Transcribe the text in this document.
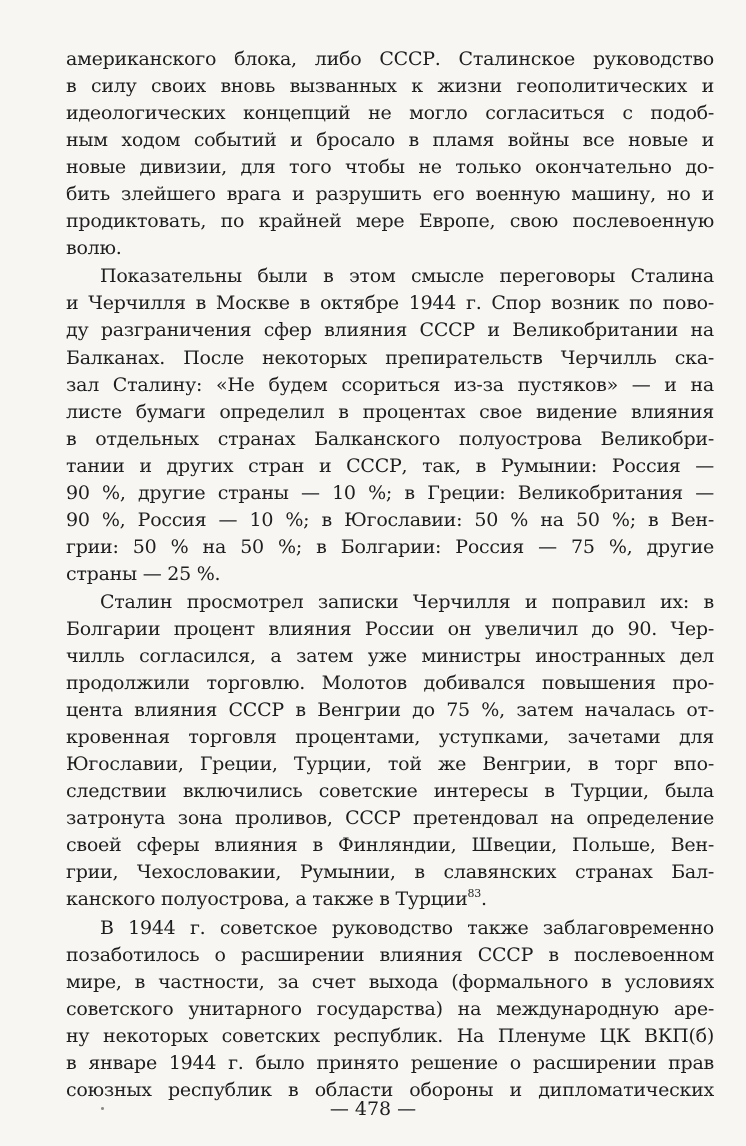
американского блока, либо СССР. Сталинское руководство
в силу своих вновь вызванных к жизни геополитических и
идеологических концепций не могло согласиться с подоб-
ным ходом событий и бросало в пламя войны все новые и
новые дивизии, для того чтобы не только окончательно до-
бить злейшего врага и разрушить его военную машину, но и
продиктовать, по крайней мере Европе, свою послевоенную
волю.
Показательны были в этом смысле переговоры Сталина
и Черчилля в Москве в октябре 1944 г. Спор возник по пово-
ду разграничения сфер влияния СССР и Великобритании на
Балканах. После некоторых препирательств Черчилль ска-
зал Сталину: «Не будем ссориться из-за пустяков» — и на
листе бумаги определил в процентах свое видение влияния
в отдельных странах Балканского полуострова Великобри-
тании и других стран и СССР, так, в Румынии: Россия —
90 %, другие страны — 10 %; в Греции: Великобритания —
90 %, Россия — 10 %; в Югославии: 50 % на 50 %; в Вен-
грии: 50 % на 50 %; в Болгарии: Россия — 75 %, другие
страны — 25 %.
Сталин просмотрел записки Черчилля и поправил их: в
Болгарии процент влияния России он увеличил до 90. Чер-
чилль согласился, а затем уже министры иностранных дел
продолжили торговлю. Молотов добивался повышения про-
цента влияния СССР в Венгрии до 75 %, затем началась от-
кровенная торговля процентами, уступками, зачетами для
Югославии, Греции, Турции, той же Венгрии, в торг впо-
следствии включились советские интересы в Турции, была
затронута зона проливов, СССР претендовал на определение
своей сферы влияния в Финляндии, Швеции, Польше, Вен-
грии, Чехословакии, Румынии, в славянских странах Бал-
канского полуострова, а также в Турции$^{83}$.
В 1944 г. советское руководство также заблаговременно
позаботилось о расширении влияния СССР в послевоенном
мире, в частности, за счет выхода (формального в условиях
советского унитарного государства) на международную аре-
ну некоторых советских республик. На Пленуме ЦК ВКП(б)
в январе 1944 г. было принято решение о расширении прав
союзных республик в области обороны и дипломатических
— 478 —
